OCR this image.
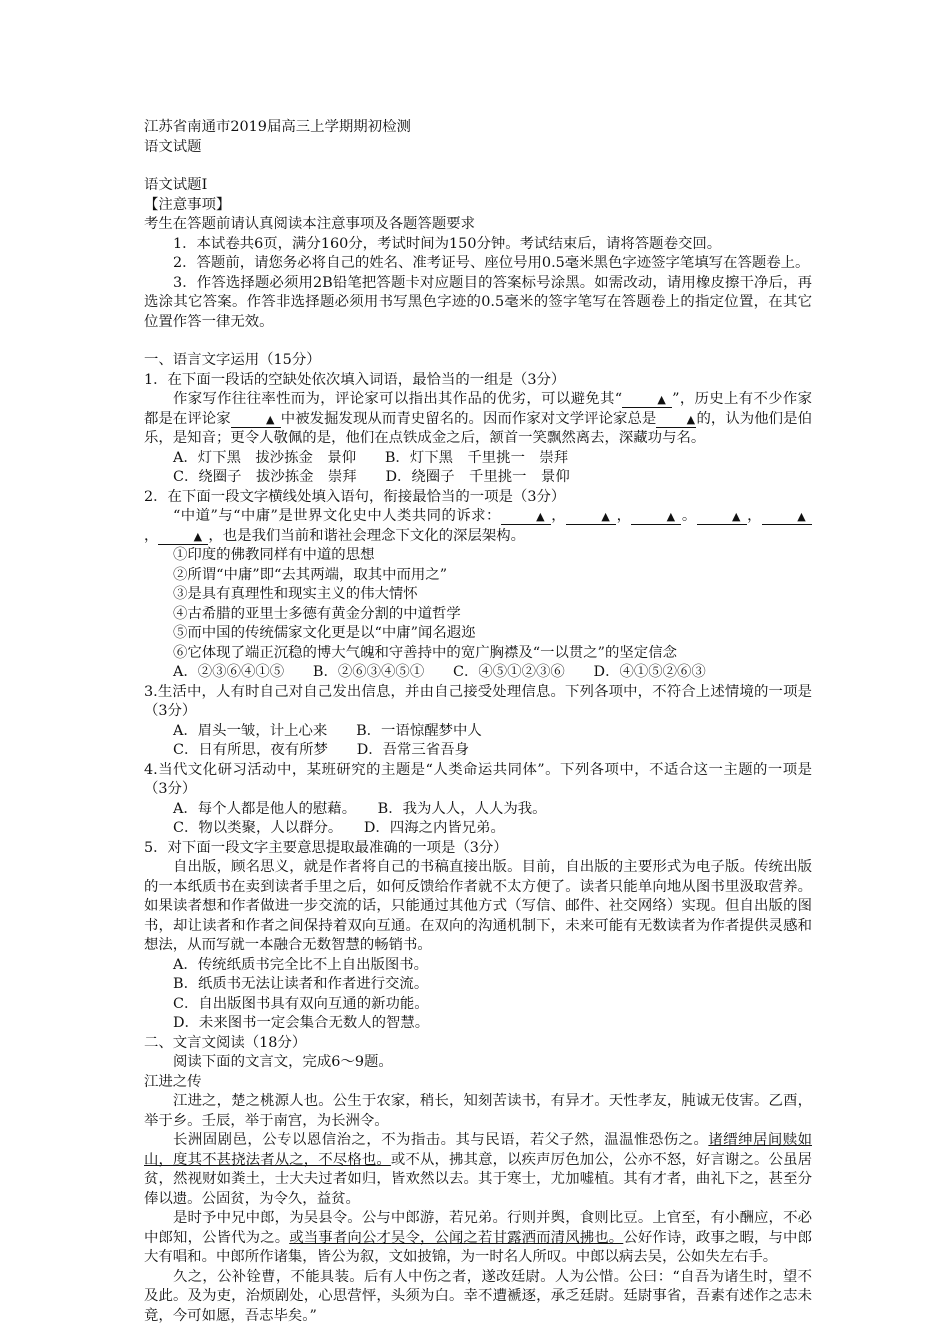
江苏省南通市2019届高三上学期期初检测

语文试题

语文试题Ⅰ

【注意事项】

考生在答题前请认真阅读本注意事项及各题答题要求

1．本试卷共6页，满分160分，考试时间为150分钟。考试结束后，请将答题卷交回。

2．答题前，请您务必将自己的姓名、准考证号、座位号用0.5毫米黑色字迹签字笔填写在答题卷上。

3．作答选择题必须用2B铅笔把答题卡对应题目的答案标号涂黑。如需改动，请用橡皮擦干净后，再选涂其它答案。作答非选择题必须用书写黑色字迹的0.5毫米的签字笔写在答题卷上的指定位置，在其它位置作答一律无效。

一、语言文字运用（15分）

1．在下面一段话的空缺处依次填入词语，最恰当的一组是（3分）

作家写作往往率性而为，评论家可以指出其作品的优劣，可以避免其“	▲ ”，历史上有不少作家都是在评论家	▲ 中被发掘发现从而青史留名的。因而作家对文学评论家总是	▲的，认为他们是伯乐，是知音；更令人敬佩的是，他们在点铁成金之后，颔首一笑飘然离去，深藏功与名。

A．灯下黑　拔沙拣金　景仰　　B．灯下黑　千里挑一　崇拜

C．绕圈子　拔沙拣金　崇拜　　D．绕圈子　千里挑一　景仰

2．在下面一段文字横线处填入语句，衔接最恰当的一项是（3分）

“中道”与“中庸”是世界文化史中人类共同的诉求：	▲ ，	▲ ，	▲ 。	▲ ，	▲，	▲ ，也是我们当前和谐社会理念下文化的深层架构。

①印度的佛教同样有中道的思想

②所谓“中庸”即“去其两端，取其中而用之”

③是具有真理性和现实主义的伟大情怀

④古希腊的亚里士多德有黄金分割的中道哲学

⑤而中国的传统儒家文化更是以“中庸”闻名遐迩

⑥它体现了端正沉稳的博大气魄和守善持中的宽广胸襟及“一以贯之”的坚定信念

A．②③⑥④①⑤　　B．②⑥③④⑤①　　C．④⑤①②③⑥　　D．④①⑤②⑥③

3.生活中，人有时自己对自己发出信息，并由自己接受处理信息。下列各项中，不符合上述情境的一项是（3分）

A．眉头一皱，计上心来　　B．一语惊醒梦中人

C．日有所思，夜有所梦　　D．吾常三省吾身

4.当代文化研习活动中，某班研究的主题是“人类命运共同体”。下列各项中，不适合这一主题的一项是（3分）

A．每个人都是他人的慰藉。　　B．我为人人，人人为我。

C．物以类聚，人以群分。　　D．四海之内皆兄弟。

5．对下面一段文字主要意思提取最准确的一项是（3分）

自出版，顾名思义，就是作者将自己的书稿直接出版。目前，自出版的主要形式为电子版。传统出版的一本纸质书在卖到读者手里之后，如何反馈给作者就不太方便了。读者只能单向地从图书里汲取营养。如果读者想和作者做进一步交流的话，只能通过其他方式（写信、邮件、社交网络）实现。但自出版的图书，却让读者和作者之间保持着双向互通。在双向的沟通机制下，未来可能有无数读者为作者提供灵感和想法，从而写就一本融合无数智慧的畅销书。

A．传统纸质书完全比不上自出版图书。

B．纸质书无法让读者和作者进行交流。

C．自出版图书具有双向互通的新功能。

D．未来图书一定会集合无数人的智慧。

二、文言文阅读（18分）

阅读下面的文言文，完成6～9题。

江进之传

江进之，楚之桃源人也。公生于农家，稍长，知刻苦读书，有异才。天性孝友，肫诚无伎害。乙酉，举于乡。壬辰，举于南宫，为长洲令。

长洲固剧邑，公专以恩信治之，不为指击。其与民语，若父子然，温温惟恐伤之。诸缙绅居间赎如山，度其不甚挠法者从之，不尽格也。或不从，拂其意，以疾声厉色加公，公亦不怒，好言谢之。公虽居贫，然视财如粪土，士大夫过者如归，皆欢然以去。其于寒士，尤加嘘植。其有才者，曲礼下之，甚至分俸以遗。公固贫，为令久，益贫。

是时予中兄中郎，为吴县令。公与中郎游，若兄弟。行则并舆，食则比豆。上官至，有小酬应，不必中郎知，公皆代为之。或当事者向公才吴令，公闻之若甘露洒而清风拂也。公好作诗，政事之暇，与中郎大有唱和。中郎所作诸集，皆公为叙，文如披锦，为一时名人所叹。中郎以病去吴，公如失左右手。

久之，公补铨曹，不能具装。后有人中伤之者，遂改廷尉。人为公惜。公曰：“自吾为诸生时，望不及此。及为吏，治烦剧处，心思营怦，头须为白。幸不遭褫逐，承乏廷尉。廷尉事省，吾素有述作之志未竟，今可如愿，吾志毕矣。”
